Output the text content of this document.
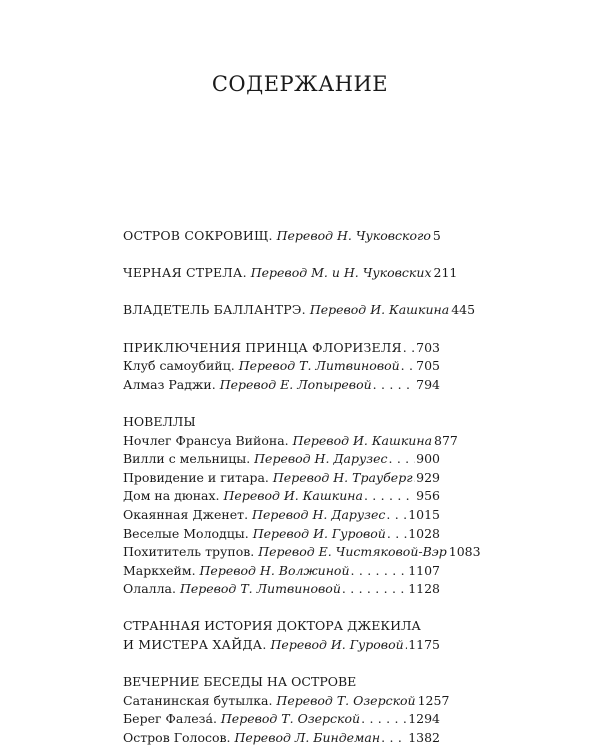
СОДЕРЖАНИЕ
ОСТРОВ СОКРОВИЩ. Перевод Н. Чуковского 5
ЧЕРНАЯ СТРЕЛА. Перевод М. и Н. Чуковских 211
ВЛАДЕТЕЛЬ БАЛЛАНТРЭ. Перевод И. Кашкина 445
ПРИКЛЮЧЕНИЯ ПРИНЦА ФЛОРИЗЕЛЯ . . . 703
Клуб самоубийц. Перевод Т. Литвиновой . . . 705
Алмаз Раджи. Перевод Е. Лопыревой . . .	794
НОВЕЛЛЫ
Ночлег Франсуа Вийона. Перевод И. Кашкина 877
Вилли с мельницы. Перевод Н. Дарузес . . . 900
Провидение и гитара. Перевод Н. Трауберг . . . 929
Дом на дюнах. Перевод И. Кашкина . . .	956
Окаянная Дженет. Перевод Н. Дарузес . . . 1015
Веселые Молодцы. Перевод И. Гуровой . . . 1028
Похититель трупов. Перевод Е. Чистяковой-Вэр 1083
Маркхейм. Перевод Н. Волжиной . . .	1107
Олалла. Перевод Т. Литвиновой . . .	1128
СТРАННАЯ ИСТОРИЯ ДОКТОРА ДЖЕКИЛА
И МИСТЕРА ХАЙДА. Перевод И. Гуровой . . . 1175
ВЕЧЕРНИЕ БЕСЕДЫ НА ОСТРОВЕ
Сатанинская бутылка. Перевод Т. Озерской 1257
Берег Фалеза́. Перевод Т. Озерской . . .	1294
Остров Голосов. Перевод Л. Биндеман . . . 1382
